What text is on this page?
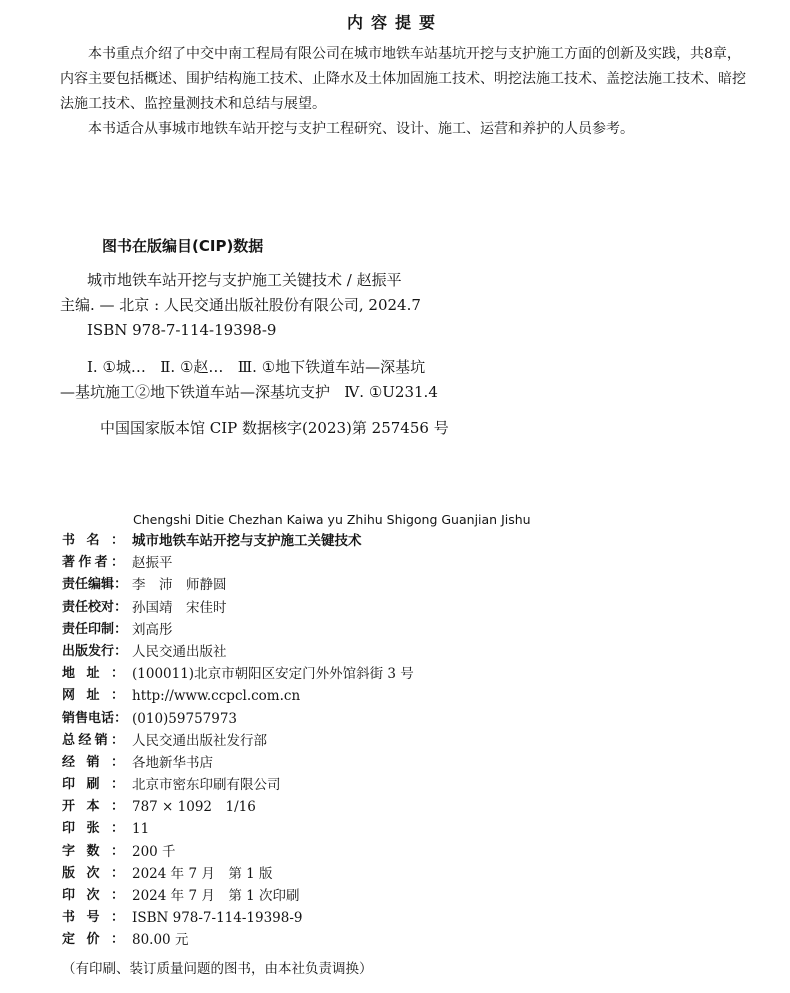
内容提要
本书重点介绍了中交中南工程局有限公司在城市地铁车站基坑开挖与支护施工方面的创新及实践，共8章，内容主要包括概述、围护结构施工技术、止降水及土体加固施工技术、明挖法施工技术、盖挖法施工技术、暗挖法施工技术、监控量测技术和总结与展望。
本书适合从事城市地铁车站开挖与支护工程研究、设计、施工、运营和养护的人员参考。
图书在版编目(CIP)数据
城市地铁车站开挖与支护施工关键技术 / 赵振平
主编. — 北京 : 人民交通出版社股份有限公司, 2024.7
ISBN 978-7-114-19398-9
Ⅰ. ①城…   Ⅱ. ①赵…   Ⅲ. ①地下铁道车站—深基坑
—基坑施工②地下铁道车站—深基坑支护   Ⅳ. ①U231.4
中国国家版本馆 CIP 数据核字(2023)第 257456 号
Chengshi Ditie Chezhan Kaiwa yu Zhihu Shigong Guanjian Jishu
书 名 ： 城市地铁车站开挖与支护施工关键技术
著 作 者 ： 赵振平
责 任 编 辑 ： 李　沛　师静圆
责 任 校 对 ： 孙国靖　宋佳时
责 任 印 制 ： 刘高彤
出 版 发 行 ： 人民交通出版社
地 址 ： (100011)北京市朝阳区安定门外外馆斜街 3 号
网 址 ： http://www.ccpcl.com.cn
销 售 电 话 ： (010)59757973
总 经 销 ： 人民交通出版社发行部
经 销 ： 各地新华书店
印 刷 ： 北京市密东印刷有限公司
开 本 ： 787 × 1092　1/16
印 张 ： 11
字 数 ： 200 千
版 次 ： 2024 年 7 月　第 1 版
印 次 ： 2024 年 7 月　第 1 次印刷
书 号 ： ISBN 978-7-114-19398-9
定 价 ： 80.00 元
（有印刷、装订质量问题的图书，由本社负责调换）
